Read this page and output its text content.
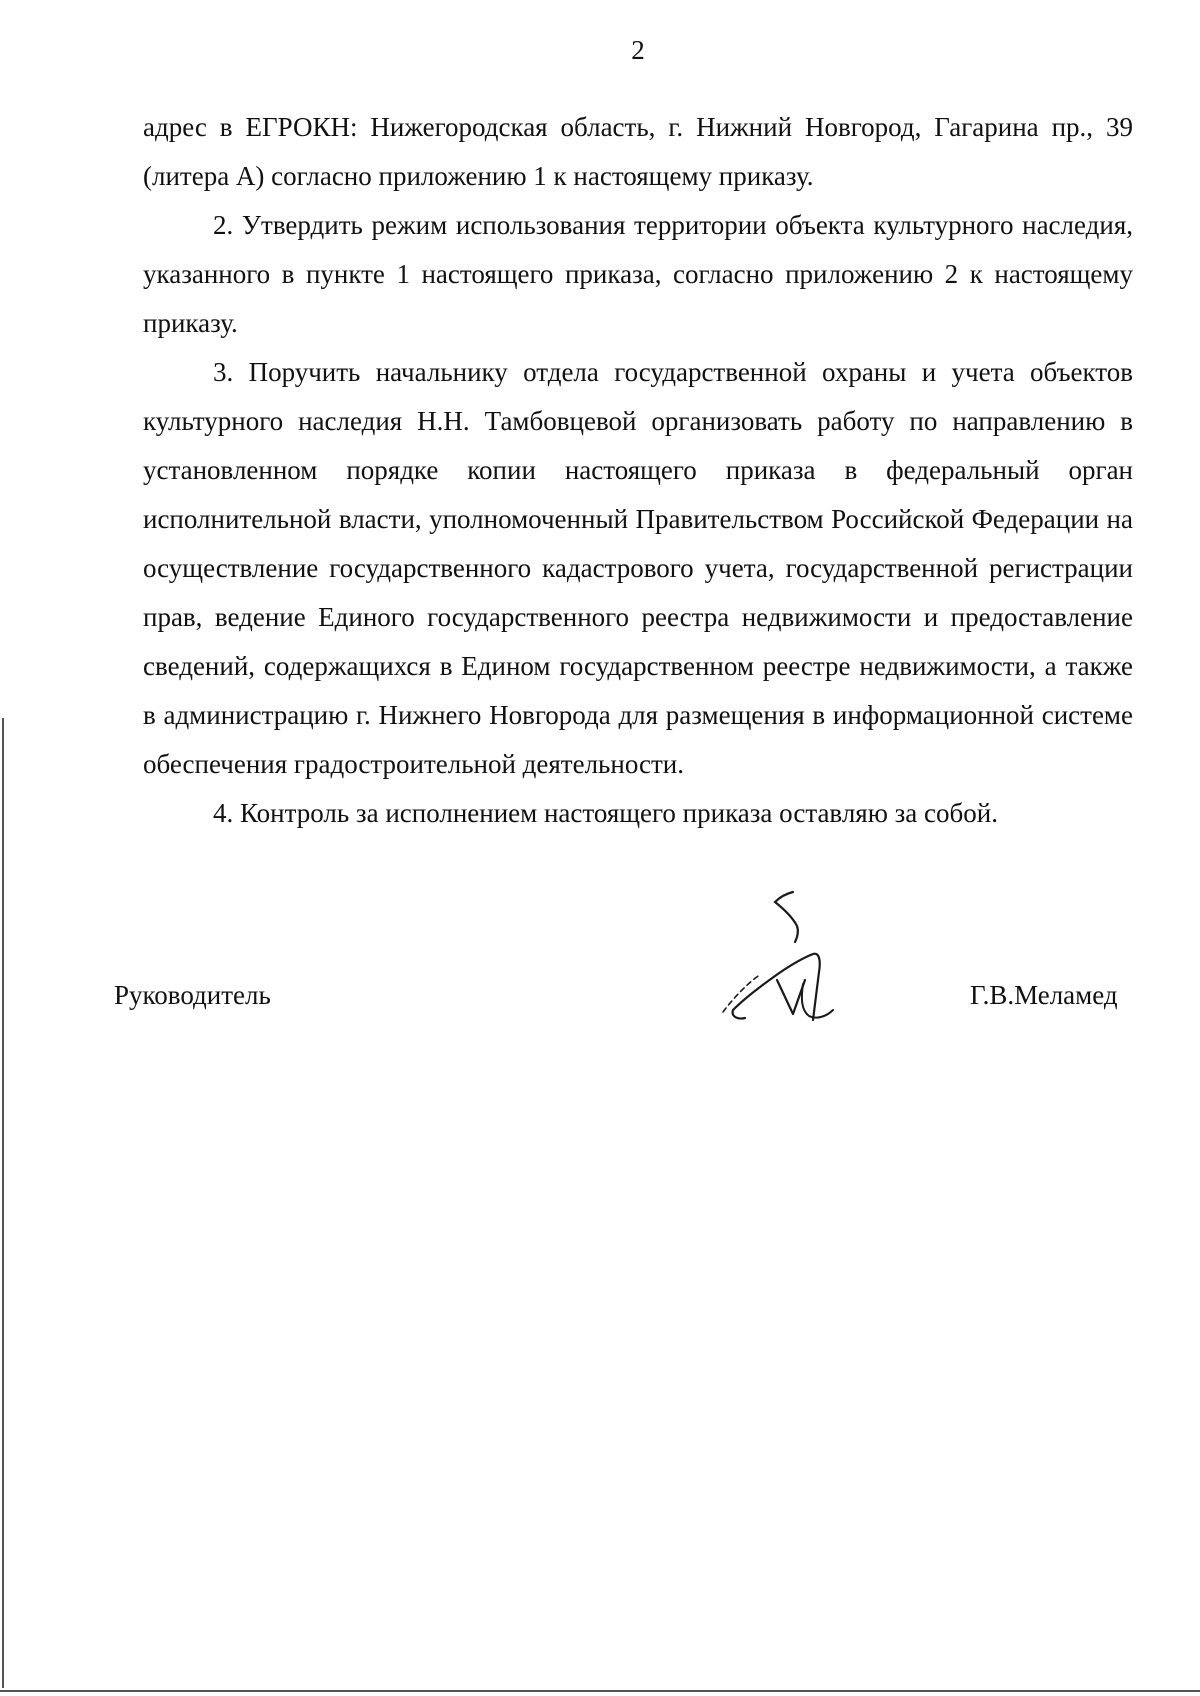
2

адрес в ЕГРОКН: Нижегородская область, г. Нижний Новгород, Гагарина пр., 39 (литера А) согласно приложению 1 к настоящему приказу.

2. Утвердить режим использования территории объекта культурного наследия, указанного в пункте 1 настоящего приказа, согласно приложению 2 к настоящему приказу.

3. Поручить начальнику отдела государственной охраны и учета объектов культурного наследия Н.Н. Тамбовцевой организовать работу по направлению в установленном порядке копии настоящего приказа в федеральный орган исполнительной власти, уполномоченный Правительством Российской Федерации на осуществление государственного кадастрового учета, государственной регистрации прав, ведение Единого государственного реестра недвижимости и предоставление сведений, содержащихся в Едином государственном реестре недвижимости, а также в администрацию г. Нижнего Новгорода для размещения в информационной системе обеспечения градостроительной деятельности.

4. Контроль за исполнением настоящего приказа оставляю за собой.

Руководитель	Г.В.Меламед
